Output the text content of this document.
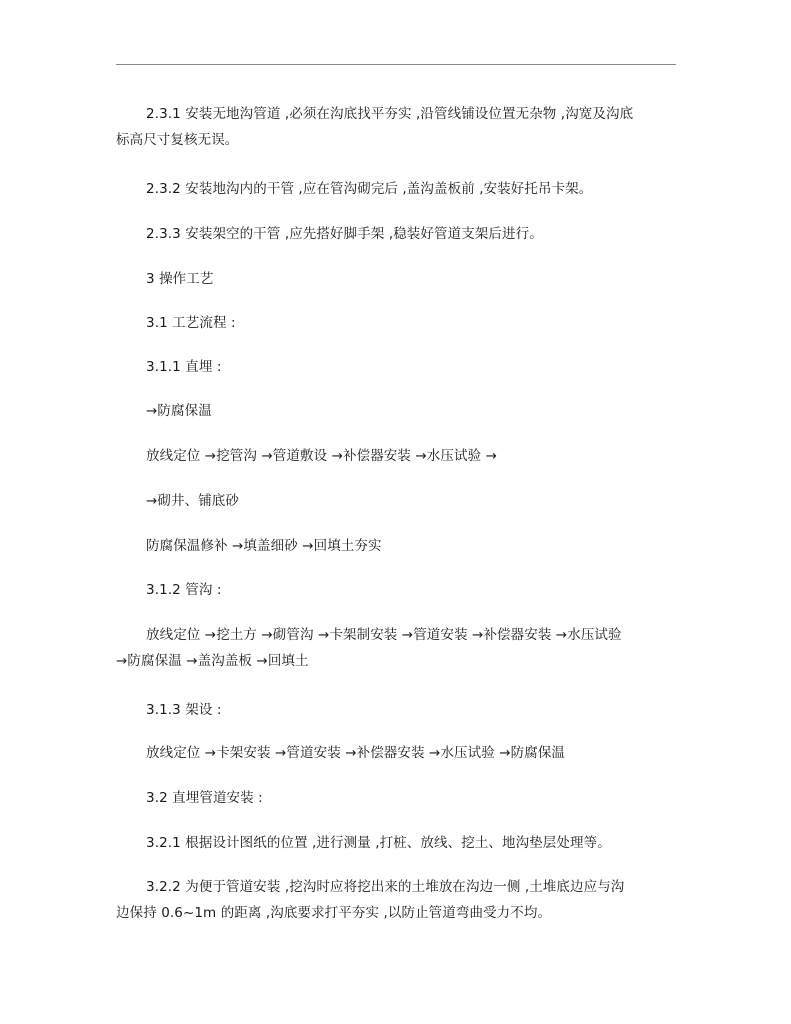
2.3.1 安装无地沟管道 ,必须在沟底找平夯实 ,沿管线铺设位置无杂物 ,沟宽及沟底
标高尺寸复核无误。
2.3.2 安装地沟内的干管 ,应在管沟砌完后 ,盖沟盖板前 ,安装好托吊卡架。
2.3.3 安装架空的干管 ,应先搭好脚手架 ,稳装好管道支架后进行。
3 操作工艺
3.1 工艺流程 :
3.1.1 直埋 :
→防腐保温
放线定位 →挖管沟 →管道敷设 →补偿器安装 →水压试验 →
→砌井、铺底砂
防腐保温修补 →填盖细砂 →回填土夯实
3.1.2 管沟 :
放线定位 →挖土方 →砌管沟 →卡架制安装 →管道安装 →补偿器安装 →水压试验
→防腐保温 →盖沟盖板 →回填土
3.1.3 架设 :
放线定位 →卡架安装 →管道安装 →补偿器安装 →水压试验 →防腐保温
3.2 直埋管道安装 :
3.2.1 根据设计图纸的位置 ,进行测量 ,打桩、放线、挖土、地沟垫层处理等。
3.2.2 为便于管道安装 ,挖沟时应将挖出来的土堆放在沟边一侧 ,土堆底边应与沟
边保持 0.6~1m 的距离 ,沟底要求打平夯实 ,以防止管道弯曲受力不均。
